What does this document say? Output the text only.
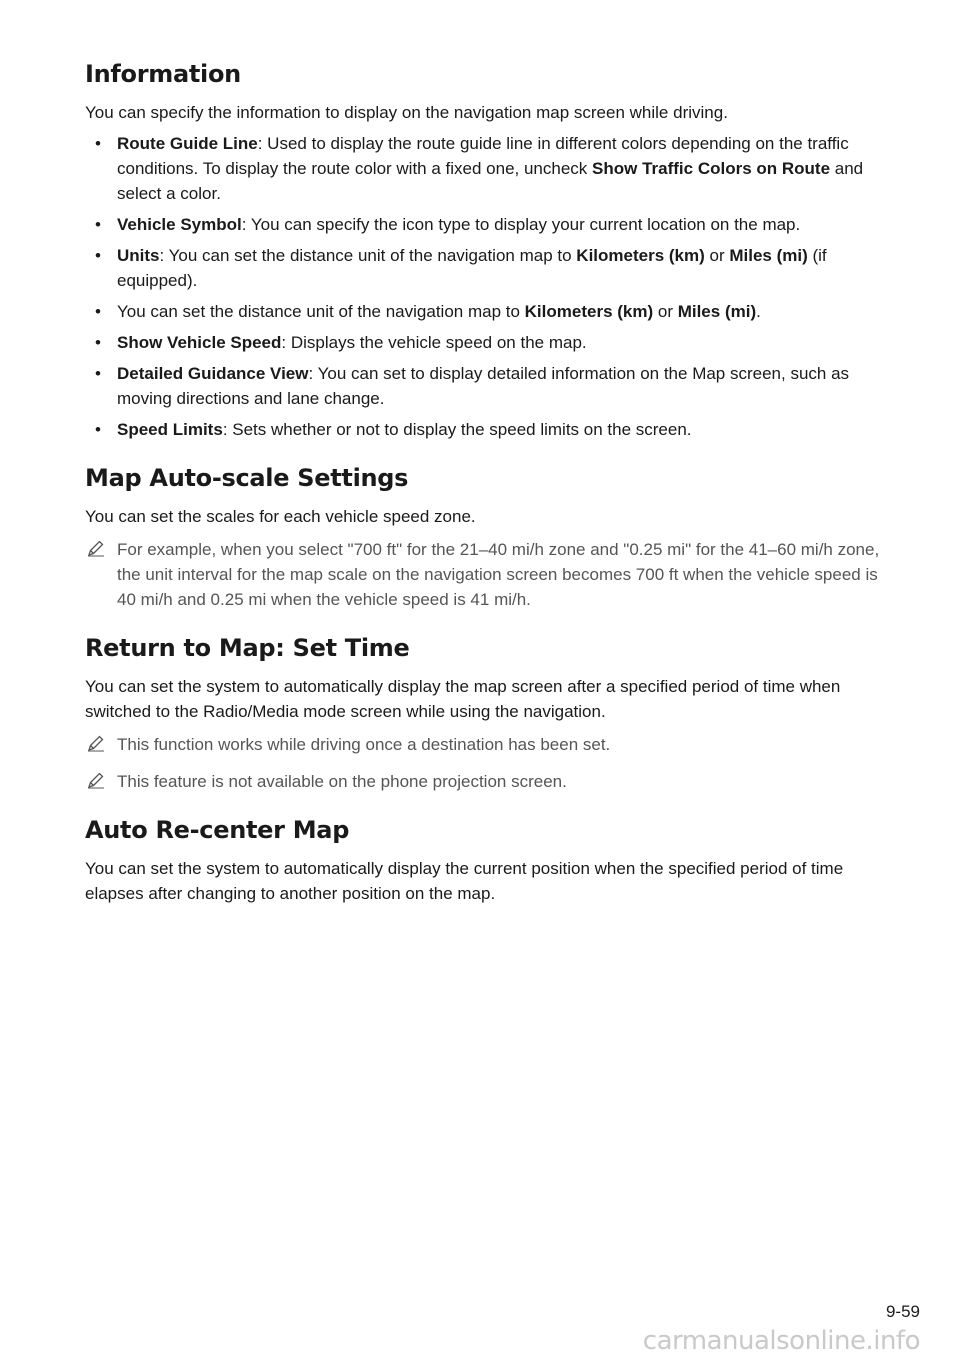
Information

You can specify the information to display on the navigation map screen while driving.

• Route Guide Line: Used to display the route guide line in different colors depending on the traffic conditions. To display the route color with a fixed one, uncheck Show Traffic Colors on Route and select a color.
• Vehicle Symbol: You can specify the icon type to display your current location on the map.
• Units: You can set the distance unit of the navigation map to Kilometers (km) or Miles (mi) (if equipped).
• You can set the distance unit of the navigation map to Kilometers (km) or Miles (mi).
• Show Vehicle Speed: Displays the vehicle speed on the map.
• Detailed Guidance View: You can set to display detailed information on the Map screen, such as moving directions and lane change.
• Speed Limits: Sets whether or not to display the speed limits on the screen.
Map Auto-scale Settings

You can set the scales for each vehicle speed zone.

For example, when you select "700 ft" for the 21–40 mi/h zone and "0.25 mi" for the 41–60 mi/h zone, the unit interval for the map scale on the navigation screen becomes 700 ft when the vehicle speed is 40 mi/h and 0.25 mi when the vehicle speed is 41 mi/h.
Return to Map: Set Time

You can set the system to automatically display the map screen after a specified period of time when switched to the Radio/Media mode screen while using the navigation.

This function works while driving once a destination has been set.
This feature is not available on the phone projection screen.
Auto Re-center Map

You can set the system to automatically display the current position when the specified period of time elapses after changing to another position on the map.

9-59
carmanualsonline.info
